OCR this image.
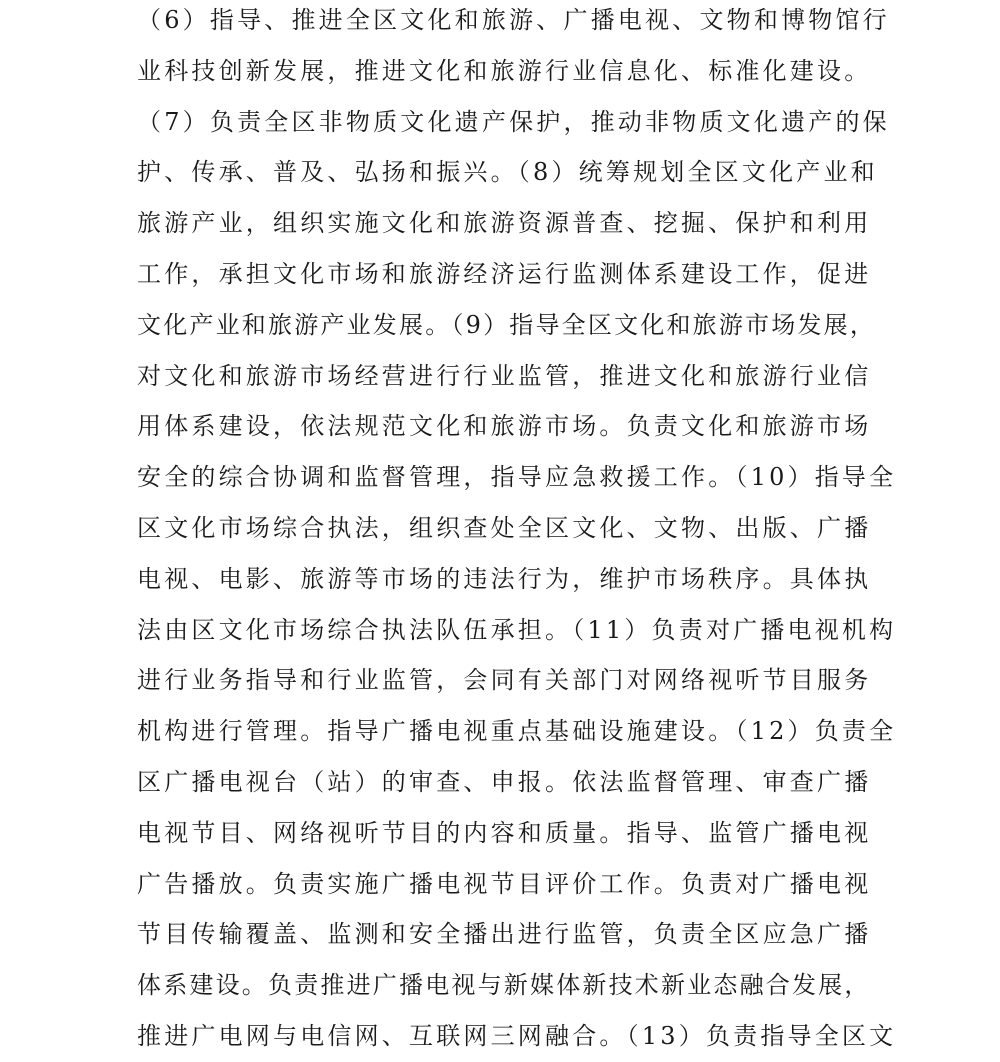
（6）指导、推进全区文化和旅游、广播电视、文物和博物馆行
业科技创新发展，推进文化和旅游行业信息化、标准化建设。
（7）负责全区非物质文化遗产保护，推动非物质文化遗产的保
护、传承、普及、弘扬和振兴。（8）统筹规划全区文化产业和
旅游产业，组织实施文化和旅游资源普查、挖掘、保护和利用
工作，承担文化市场和旅游经济运行监测体系建设工作，促进
文化产业和旅游产业发展。（9）指导全区文化和旅游市场发展，
对文化和旅游市场经营进行行业监管，推进文化和旅游行业信
用体系建设，依法规范文化和旅游市场。负责文化和旅游市场
安全的综合协调和监督管理，指导应急救援工作。（10）指导全
区文化市场综合执法，组织查处全区文化、文物、出版、广播
电视、电影、旅游等市场的违法行为，维护市场秩序。具体执
法由区文化市场综合执法队伍承担。（11）负责对广播电视机构
进行业务指导和行业监管，会同有关部门对网络视听节目服务
机构进行管理。指导广播电视重点基础设施建设。（12）负责全
区广播电视台（站）的审查、申报。依法监督管理、审查广播
电视节目、网络视听节目的内容和质量。指导、监管广播电视
广告播放。负责实施广播电视节目评价工作。负责对广播电视
节目传输覆盖、监测和安全播出进行监管，负责全区应急广播
体系建设。负责推进广播电视与新媒体新技术新业态融合发展，
推进广电网与电信网、互联网三网融合。（13）负责指导全区文
